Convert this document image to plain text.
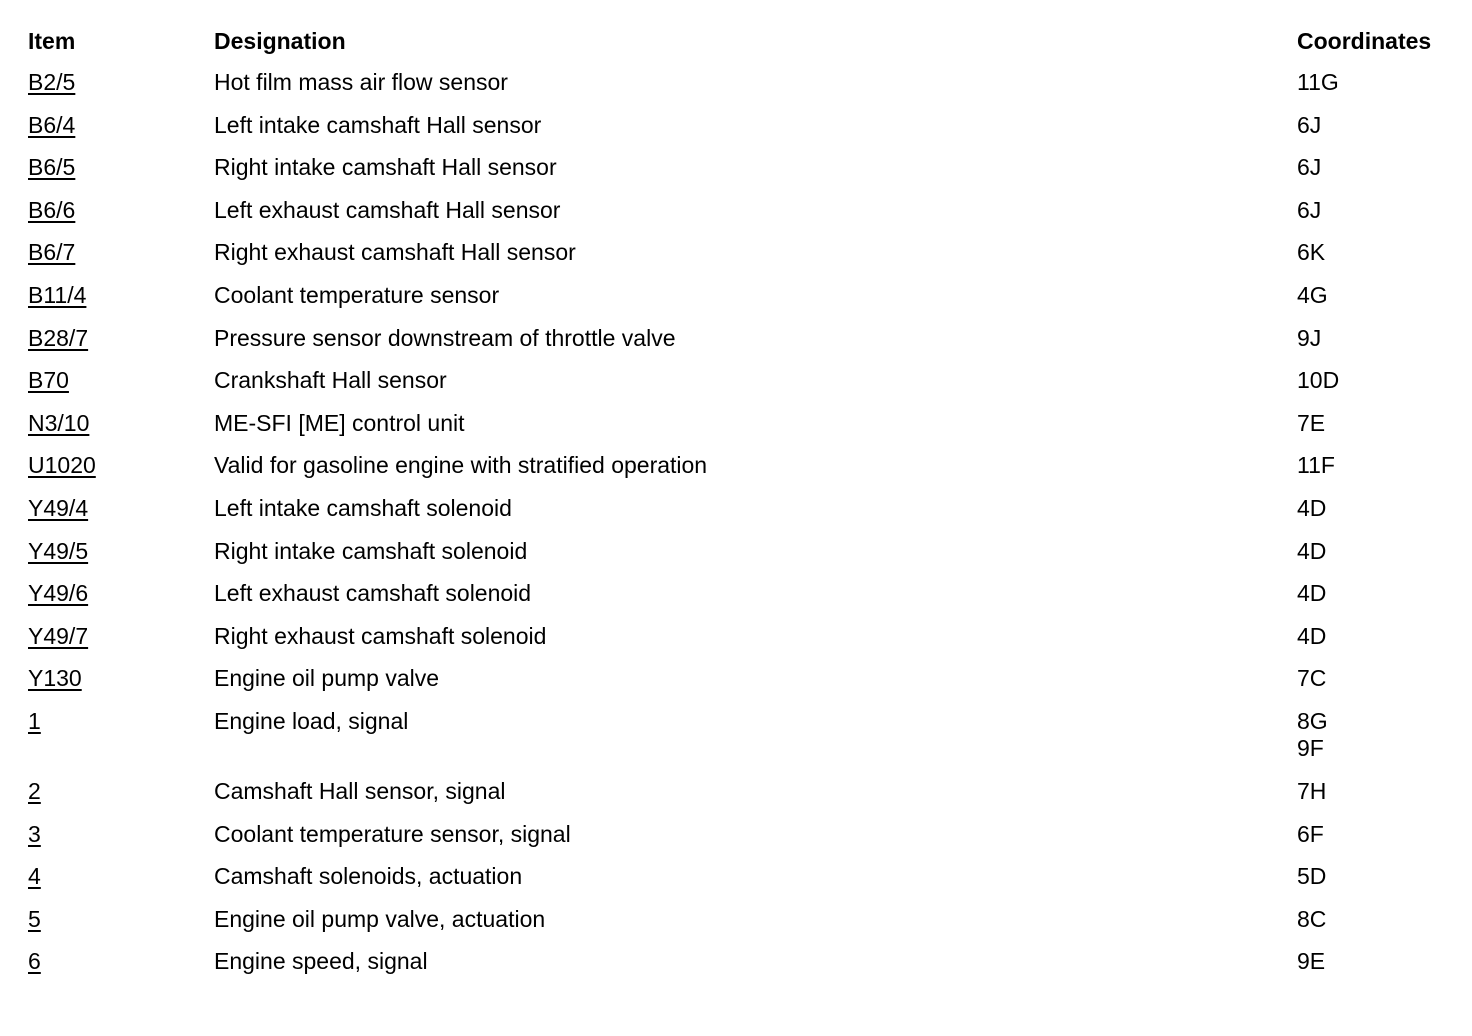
Item	Designation	Coordinates
B2/5	Hot film mass air flow sensor	11G
B6/4	Left intake camshaft Hall sensor	6J
B6/5	Right intake camshaft Hall sensor	6J
B6/6	Left exhaust camshaft Hall sensor	6J
B6/7	Right exhaust camshaft Hall sensor	6K
B11/4	Coolant temperature sensor	4G
B28/7	Pressure sensor downstream of throttle valve	9J
B70	Crankshaft Hall sensor	10D
N3/10	ME-SFI [ME] control unit	7E
U1020	Valid for gasoline engine with stratified operation	11F
Y49/4	Left intake camshaft solenoid	4D
Y49/5	Right intake camshaft solenoid	4D
Y49/6	Left exhaust camshaft solenoid	4D
Y49/7	Right exhaust camshaft solenoid	4D
Y130	Engine oil pump valve	7C
1	Engine load, signal	8G
9F
2	Camshaft Hall sensor, signal	7H
3	Coolant temperature sensor, signal	6F
4	Camshaft solenoids, actuation	5D
5	Engine oil pump valve, actuation	8C
6	Engine speed, signal	9E
